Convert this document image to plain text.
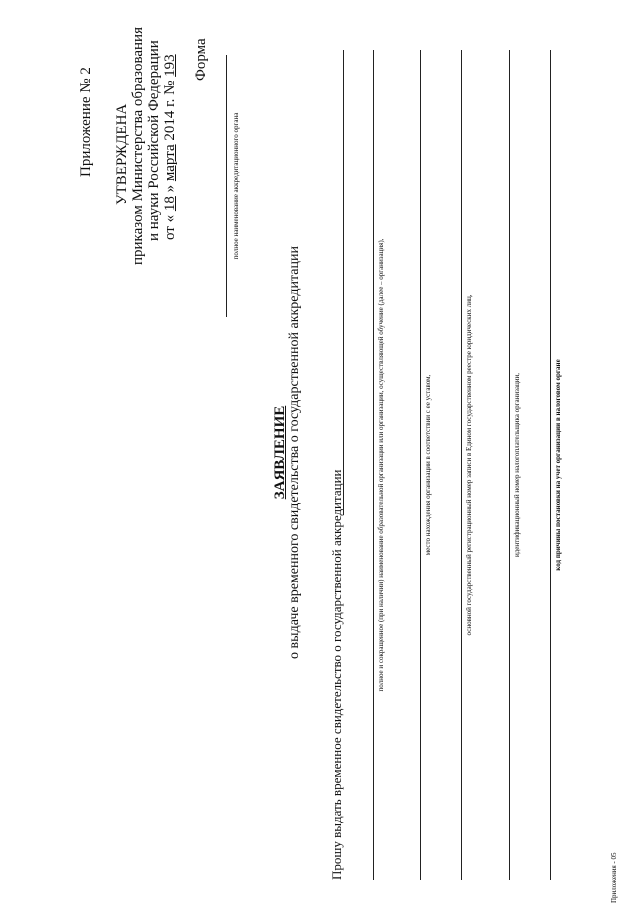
Приложение № 2 УТВЕРЖДЕНА приказом Министерства образования и науки Российской Федерации от « 18 » марта 2014 г. № 193 Форма
полное наименование аккредитационного органа
ЗАЯВЛЕНИЕ о выдаче временного свидетельства о государственной аккредитации
Прошу выдать временное свидетельство о государственной аккредитации	полное и сокращенное (при наличии) наименование образовательной организации или организации, осуществляющей обучение (далее – организация),	место нахождения организации в соответствии с ее уставом,	основной государственный регистрационный номер записи в Едином государственном реестре юридических лиц,	идентификационный номер налогоплательщика организации,	код причины постановки на учет организации в налоговом органе
Приложения - 05
